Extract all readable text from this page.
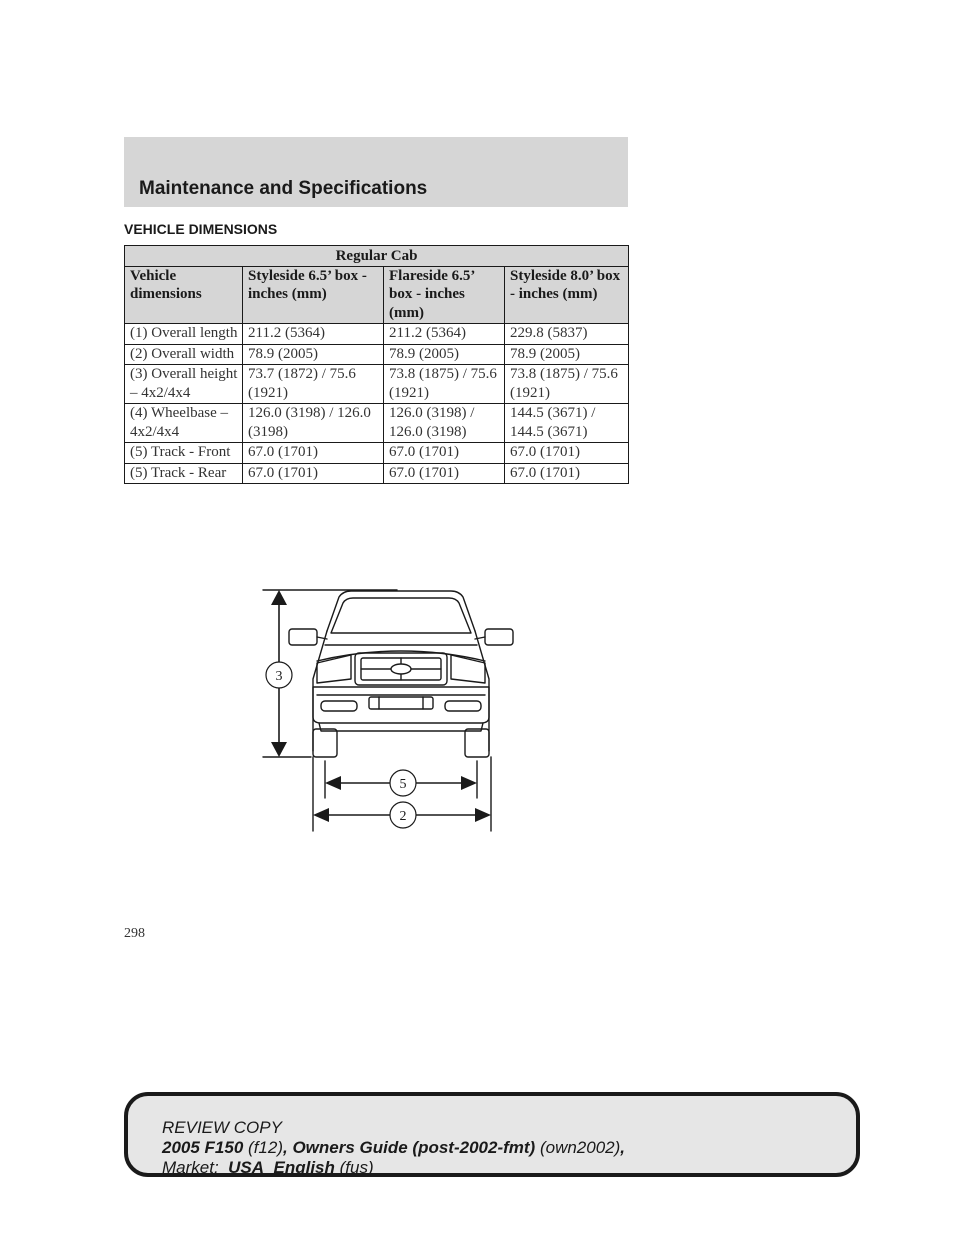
Maintenance and Specifications
VEHICLE DIMENSIONS
Regular Cab			
Vehicle dimensions	Styleside 6.5’ box - inches (mm)	Flareside 6.5’ box - inches (mm)	Styleside 8.0’ box - inches (mm)
(1) Overall length	211.2 (5364)	211.2 (5364)	229.8 (5837)
(2) Overall width	78.9 (2005)	78.9 (2005)	78.9 (2005)
(3) Overall height – 4x2/4x4	73.7 (1872) / 75.6 (1921)	73.8 (1875) / 75.6 (1921)	73.8 (1875) / 75.6 (1921)
(4) Wheelbase – 4x2/4x4	126.0 (3198) / 126.0 (3198)	126.0 (3198) / 126.0 (3198)	144.5 (3671) / 144.5 (3671)
(5) Track - Front	67.0 (1701)	67.0 (1701)	67.0 (1701)
(5) Track - Rear	67.0 (1701)	67.0 (1701)	67.0 (1701)
3
5
2
298
REVIEW COPY
2005 F150 (f12), Owners Guide (post-2002-fmt) (own2002),
Market: USA_English (fus)
